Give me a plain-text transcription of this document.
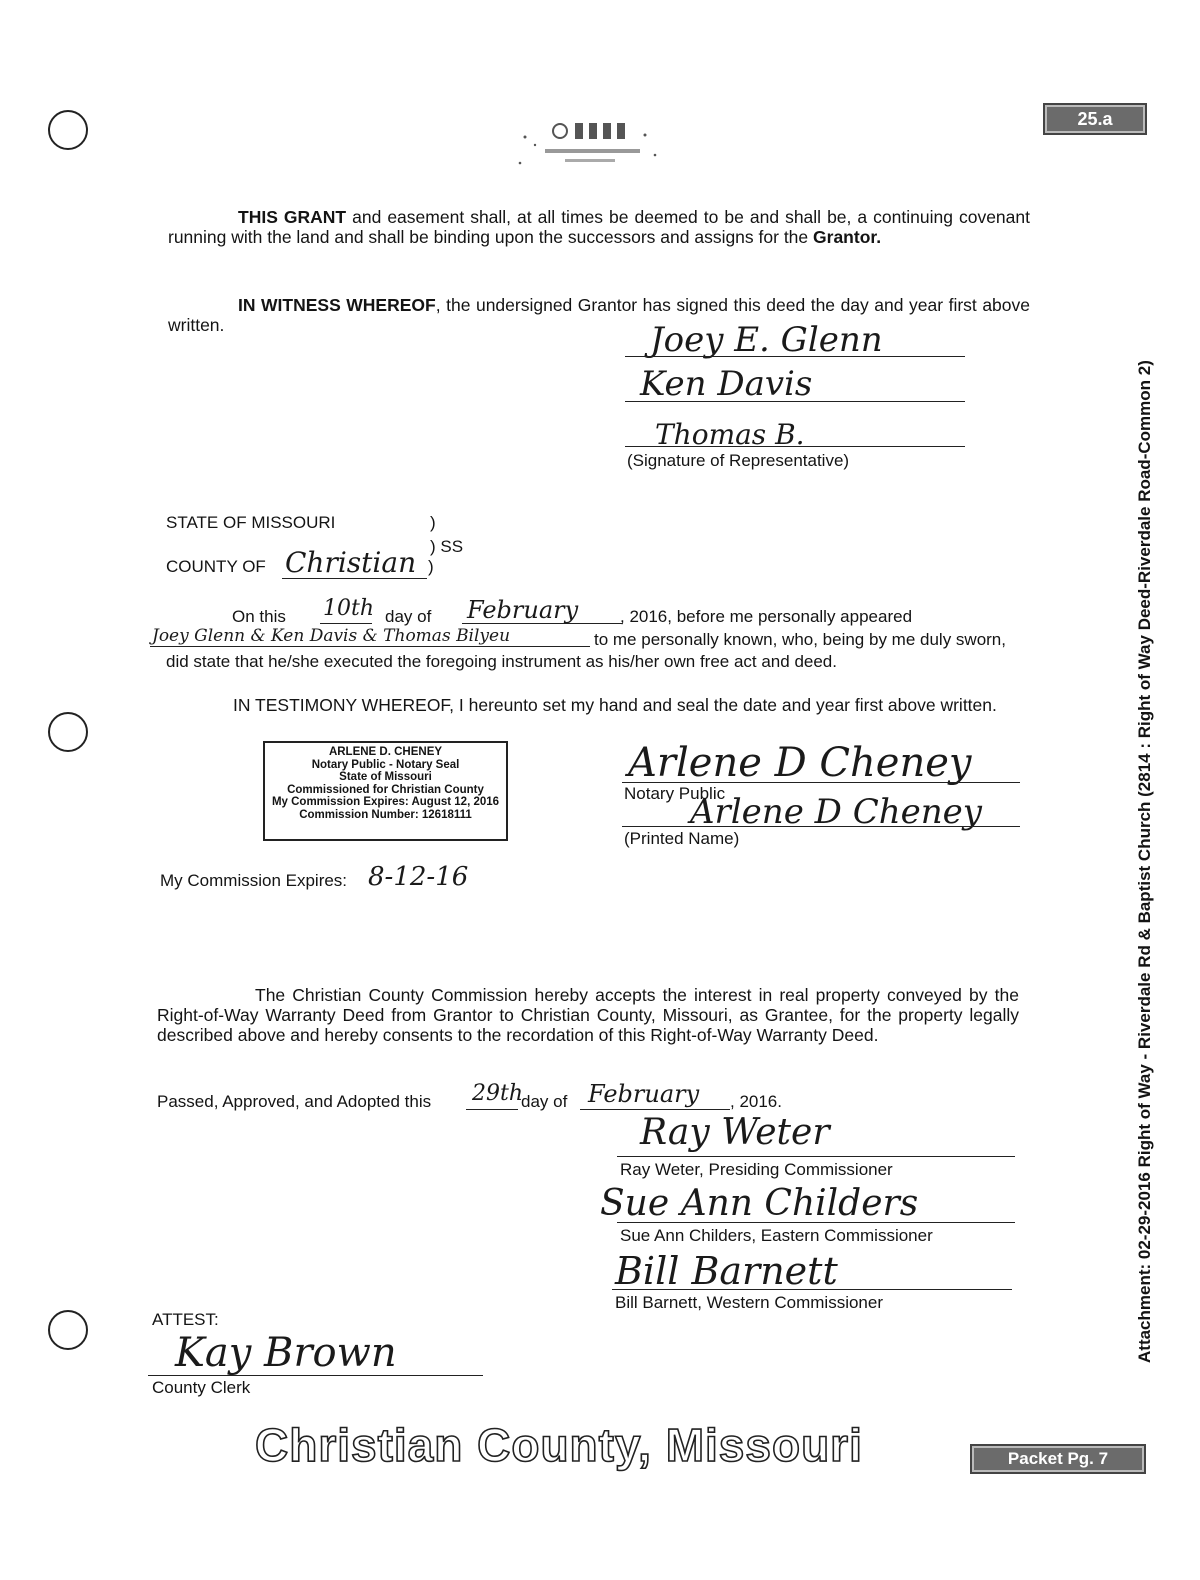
25.a
THIS GRANT and easement shall, at all times be deemed to be and shall be, a continuing covenant running with the land and shall be binding upon the successors and assigns for the Grantor.
IN WITNESS WHEREOF, the undersigned Grantor has signed this deed the day and year first above written.	Joey E. Glenn
Ken Davis
Thomas B.
(Signature of Representative)
STATE OF MISSOURI	)
) SS
COUNTY OF Christian )
On this 10th day of February , 2016, before me personally appeared
Joey Glenn & Ken Davis & Thomas Bilyeu	to me personally known, who, being by me duly sworn,
did state that he/she executed the foregoing instrument as his/her own free act and deed.
IN TESTIMONY WHEREOF, I hereunto set my hand and seal the date and year first above written.
ARLENE D. CHENEY
Notary Public - Notary Seal
State of Missouri
Commissioned for Christian County
My Commission Expires: August 12, 2016
Commission Number: 12618111
Arlene D Cheney
Notary Public
Arlene D Cheney
(Printed Name)
My Commission Expires: 8-12-16
The Christian County Commission hereby accepts the interest in real property conveyed by the Right-of-Way Warranty Deed from Grantor to Christian County, Missouri, as Grantee, for the property legally described above and hereby consents to the recordation of this Right-of-Way Warranty Deed.
Passed, Approved, and Adopted this 29th
day of February , 2016.
Ray Weter
Ray Weter, Presiding Commissioner
Sue Ann Childers
Sue Ann Childers, Eastern Commissioner
Bill Barnett
Bill Barnett, Western Commissioner
ATTEST:
Kay Brown
County Clerk
Christian County, Missouri	Packet Pg. 7
Attachment: 02-29-2016 Right of Way - Riverdale Rd & Baptist Church (2814 : Right of Way Deed-Riverdale Road-Common 2)
